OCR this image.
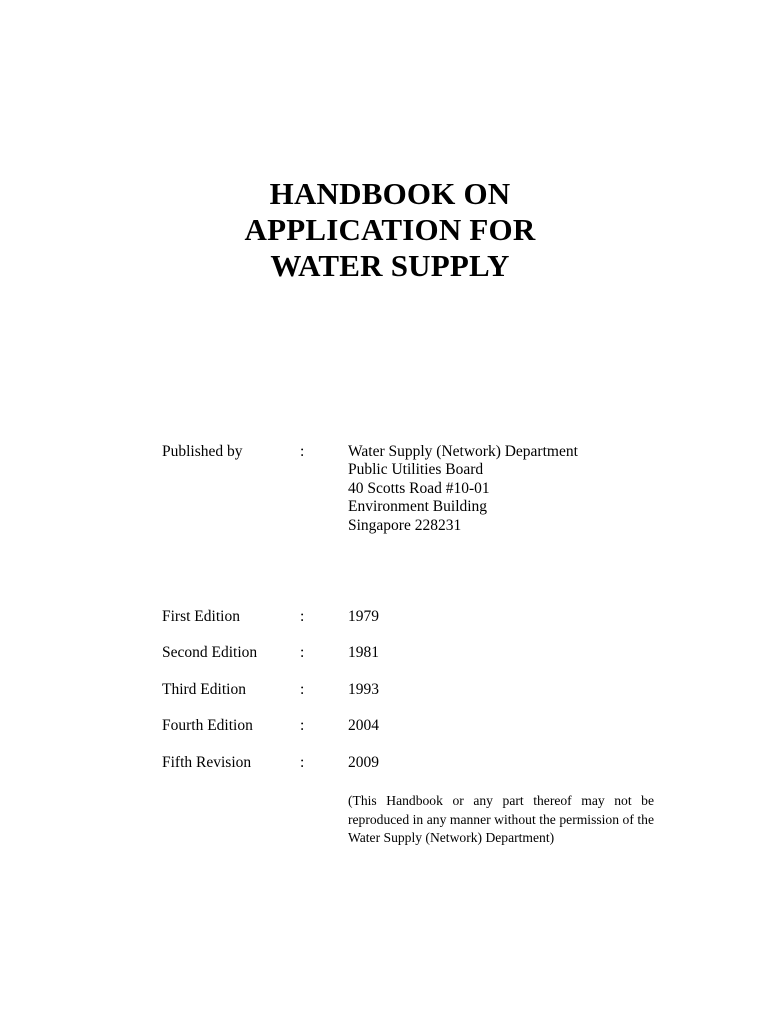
HANDBOOK ON
APPLICATION FOR
WATER SUPPLY
Published by	:	Water Supply (Network) Department
Public Utilities Board
40 Scotts Road #10-01
Environment Building
Singapore 228231
First Edition	:	1979
Second Edition	:	1981
Third Edition	:	1993
Fourth Edition	:	2004
Fifth Revision	:	2009
(This Handbook or any part thereof may not be reproduced in any manner without the permission of the Water Supply (Network) Department)
